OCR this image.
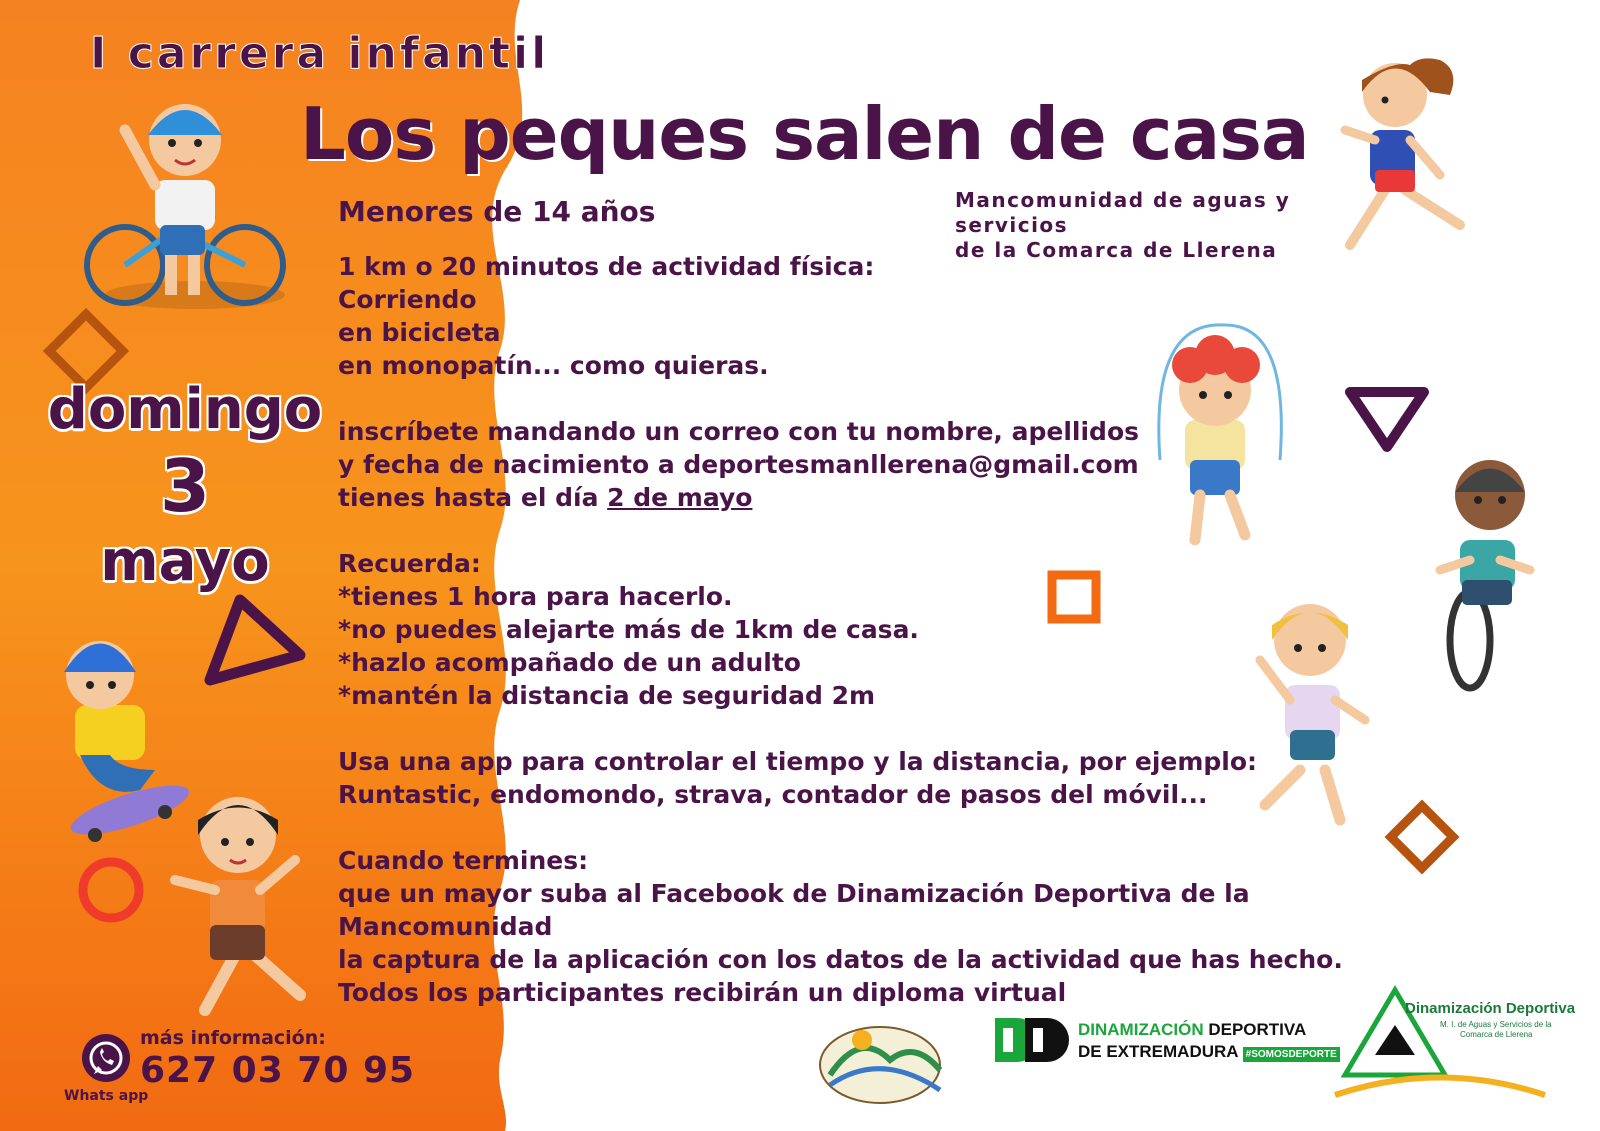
I carrera infantil
Los peques salen de casa
Mancomunidad de aguas y servicios
de la Comarca de Llerena
domingo
3
mayo

Menores de 14 años

1 km o 20 minutos de actividad física:

Corriendo

en bicicleta

en monopatín... como quieras.

inscríbete mandando un correo con tu nombre, apellidos

y fecha de nacimiento a deportesmanllerena@gmail.com

tienes hasta el día 2 de mayo

Recuerda:

*tienes 1 hora para hacerlo.

*no puedes alejarte más de 1km de casa.

*hazlo acompañado de un adulto

*mantén la distancia de seguridad 2m

Usa una app para controlar el tiempo y la distancia, por ejemplo:

Runtastic, endomondo, strava, contador de pasos del móvil...

Cuando termines:

que un mayor suba al Facebook de Dinamización Deportiva de la Mancomunidad

la captura de la aplicación con los datos de la actividad que has hecho.

Todos los participantes recibirán un diploma virtual

Whats app
más información:
627 03 70 95
DINAMIZACIÓN DEPORTIVA
DE EXTREMADURA #SOMOSDEPORTE
Dinamización Deportiva
M. I. de Aguas y Servicios de la
Comarca de Llerena
